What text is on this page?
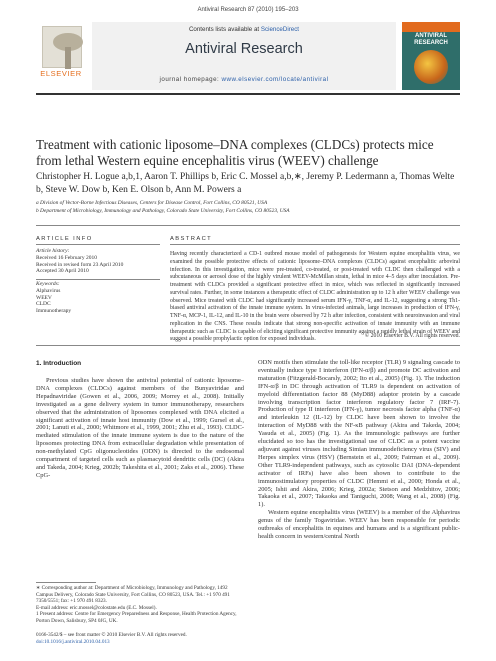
Antiviral Research 87 (2010) 195–203
ELSEVIER
Contents lists available at ScienceDirect
Antiviral Research
journal homepage: www.elsevier.com/locate/antiviral
ANTIVIRAL RESEARCH
Treatment with cationic liposome–DNA complexes (CLDCs) protects mice from lethal Western equine encephalitis virus (WEEV) challenge
Christopher H. Logue a,b,1, Aaron T. Phillips b, Eric C. Mossel a,b,∗, Jeremy P. Ledermann a, Thomas Welte b, Steve W. Dow b, Ken E. Olson b, Ann M. Powers a
a Division of Vector-Borne Infectious Diseases, Centers for Disease Control, Fort Collins, CO 80521, USA
b Department of Microbiology, Immunology and Pathology, Colorado State University, Fort Collins, CO 80523, USA
ARTICLE INFO	ABSTRACT
Article history:
Received 16 February 2010
Received in revised form 23 April 2010
Accepted 30 April 2010
Keywords:
Alphavirus
WEEV
CLDC
Immunotherapy
Having recently characterized a CD-1 outbred mouse model of pathogenesis for Western equine encephalitis virus, we examined the possible protective effects of cationic liposome–DNA complexes (CLDCs) against encephalitic arboviral infection. In this investigation, mice were pre-treated, co-treated, or post-treated with CLDC then challenged with a subcutaneous or aerosol dose of the highly virulent WEEV-McMillan strain, lethal in mice 4–5 days after inoculation. Pre-treatment with CLDCs provided a significant protective effect in mice, which was reflected in significantly increased survival rates. Further, in some instances a therapeutic effect of CLDC administration up to 12 h after WEEV challenge was observed. Mice treated with CLDC had significantly increased serum IFN-γ, TNF-α, and IL-12, suggesting a strong Th1-biased antiviral activation of the innate immune system. In virus-infected animals, large increases in production of IFN-γ, TNF-α, MCP-1, IL-12, and IL-10 in the brain were observed by 72 h after infection, consistent with neuroinvasion and viral replication in the CNS. These results indicate that strong non-specific activation of innate immunity with an immune therapeutic such as CLDC is capable of eliciting significant protective immunity against a rapidly lethal strain of WEEV and suggest a possible prophylactic option for exposed individuals.
© 2010 Elsevier B.V. All rights reserved.
1. Introduction

Previous studies have shown the antiviral potential of cationic liposome–DNA complexes (CLDCs) against members of the Bunyaviridae and Hepadnaviridae (Gowen et al., 2006, 2009; Morrey et al., 2008). Initially investigated as a gene delivery system in tumor immunotherapy, researchers observed that the administration of liposomes complexed with DNA elicited a significant activation of innate host immunity (Dow et al., 1999; Gursel et al., 2001; Lanuti et al., 2000; Whitmore et al., 1999, 2001; Zhu et al., 1993). CLDC-mediated stimulation of the innate immune system is due to the nature of the liposomes protecting DNA from extracellular degradation while presentation of non-methylated CpG oligonucleotides (ODN) is directed to the endosomal compartment of targeted cells such as plasmacytoid dendritic cells (DC) (Akira and Takeda, 2004; Krieg, 2002b; Takeshita et al., 2001; Zaks et al., 2006). These CpG-

ODN motifs then stimulate the toll-like receptor (TLR) 9 signaling cascade to eventually induce type I interferon (IFN-α/β) and promote DC activation and maturation (Fitzgerald-Bocarsly, 2002; Ito et al., 2005) (Fig. 1). The induction IFN-α/β in DC through activation of TLR9 is dependent on activation of myeloid differentiation factor 88 (MyD88) adaptor protein by a cascade involving transcription factor interferon regulatory factor 7 (IRF-7). Production of type II interferon (IFN-γ), tumor necrosis factor alpha (TNF-α) and interleukin 12 (IL-12) by CLDC have been shown to involve the interaction of MyD88 with the NF-κB pathway (Akira and Takeda, 2004; Yasuda et al., 2005) (Fig. 1). As the immunologic pathways are further elucidated so too has the investigational use of CLDC as a potent vaccine adjuvant against viruses including Simian immunodeficiency virus (SIV) and Herpes simplex virus (HSV) (Bernstein et al., 2009; Fairman et al., 2009). Other TLR9-independent pathways, such as cytosolic DAI (DNA-dependent activator of IRFs) have also been shown to contribute to the immunostimulatory properties of CLDC (Hemmi et al., 2000; Honda et al., 2005; Ishii and Akira, 2006; Krieg, 2002a; Stetson and Medzhitov, 2006; Takaoka et al., 2007; Takaoka and Taniguchi, 2008; Wang et al., 2008) (Fig. 1).

Western equine encephalitis virus (WEEV) is a member of the Alphavirus genus of the family Togaviridae. WEEV has been responsible for periodic outbreaks of encephalitis in equines and humans and is a significant public-health concern in western/central North

∗ Corresponding author at: Department of Microbiology, Immunology and Pathology, 1492 Campus Delivery, Colorado State University, Fort Collins, CO 80523, USA. Tel.: +1 970 491 7350/5551; fax: +1 970 491 8323.
E-mail address: eric.mossel@colostate.edu (E.C. Mossel).
1 Present address: Centre for Emergency Preparedness and Response, Health Protection Agency, Porton Down, Salisbury, SP4 0JG, UK.
0166-3542/$ – see front matter © 2010 Elsevier B.V. All rights reserved.
doi:10.1016/j.antiviral.2010.04.013
